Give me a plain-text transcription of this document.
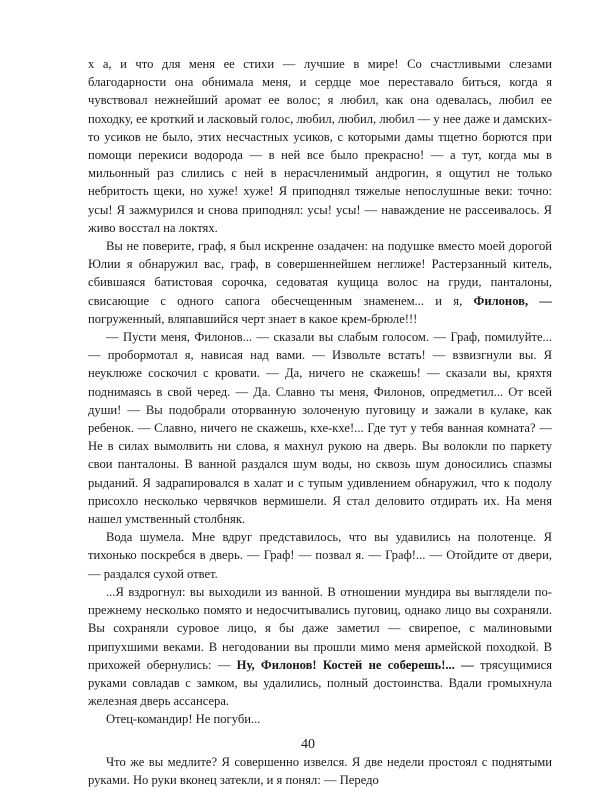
х а, и что для меня ее стихи — лучшие в мире! Со счастливыми слезами благодарности она обнимала меня, и сердце мое переставало биться, когда я чувствовал нежнейший аромат ее волос; я любил, как она одевалась, любил ее походку, ее кроткий и ласковый голос, любил, любил, любил — у нее даже и дамских-то усиков не было, этих несчастных усиков, с которыми дамы тщетно борются при помощи перекиси водорода — в ней все было прекрасно! — а тут, когда мы в мильонный раз слились с ней в нерасчленимый андрогин, я ощутил не только небритость щеки, но хуже! хуже! Я приподнял тяжелые непослушные веки: точно: усы! Я зажмурился и снова приподнял: усы! усы! — наваждение не рассеивалось. Я живо восстал на локтях.

Вы не поверите, граф, я был искренне озадачен: на подушке вместо моей дорогой Юлии я обнаружил вас, граф, в совершеннейшем неглиже! Растерзанный китель, сбившаяся батистовая сорочка, седоватая кущица волос на груди, панталоны, свисающие с одного сапога обесчещенным знаменем... и я, Филонов, — погруженный, вляпавшийся черт знает в какое крем-брюле!!!

— Пусти меня, Филонов... — сказали вы слабым голосом. — Граф, помилуйте... — пробормотал я, нависая над вами. — Извольте встать! — взвизгнули вы. Я неуклюже соскочил с кровати. — Да, ничего не скажешь! — сказали вы, кряхтя поднимаясь в свой черед. — Да. Славно ты меня, Филонов, опредметил... От всей души! — Вы подобрали оторванную золоченую пуговицу и зажали в кулаке, как ребенок. — Славно, ничего не скажешь, кхе-кхе!... Где тут у тебя ванная комната? — Не в силах вымолвить ни слова, я махнул рукою на дверь. Вы волокли по паркету свои панталоны. В ванной раздался шум воды, но сквозь шум доносились спазмы рыданий. Я задрапировался в халат и с тупым удивлением обнаружил, что к подолу присохло несколько червячков вермишели. Я стал деловито отдирать их. На меня нашел умственный столбняк.

Вода шумела. Мне вдруг представилось, что вы удавились на полотенце. Я тихонько поскребся в дверь. — Граф! — позвал я. — Граф!... — Отойдите от двери, — раздался сухой ответ.

...Я вздрогнул: вы выходили из ванной. В отношении мундира вы выглядели по-прежнему несколько помято и недосчитывались пуговиц, однако лицо вы сохраняли. Вы сохраняли суровое лицо, я бы даже заметил — свирепое, с малиновыми припухшими веками. В негодовании вы прошли мимо меня армейской походкой. В прихожей обернулись: — Ну, Филонов! Костей не соберешь!... — трясущимися руками совладав с замком, вы удалились, полный достоинства. Вдали громыхнула железная дверь ассансера.

Отец-командир! Не погуби...

Что же вы медлите? Я совершенно извелся. Я две недели простоял с поднятыми руками. Но руки вконец затекли, и я понял: — Передо

40
